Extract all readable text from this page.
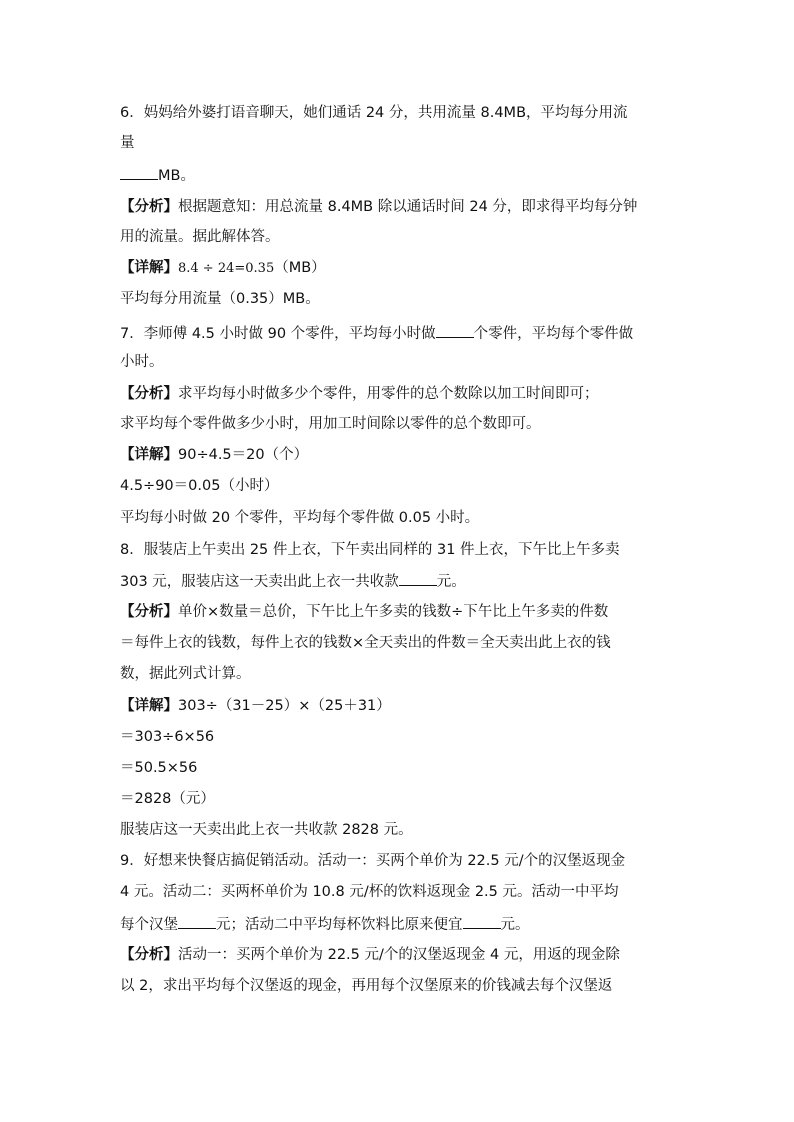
6．妈妈给外婆打语音聊天，她们通话 24 分，共用流量 8.4MB，平均每分用流
量
MB。
【分析】根据题意知：用总流量 8.4MB 除以通话时间 24 分，即求得平均每分钟
用的流量。据此解体答。
【详解】8.4 ÷ 24=0.35（MB）
平均每分用流量（0.35）MB。
7．李师傅 4.5 小时做 90 个零件，平均每小时做	个零件，平均每个零件做
小时。
【分析】求平均每小时做多少个零件，用零件的总个数除以加工时间即可；
求平均每个零件做多少小时，用加工时间除以零件的总个数即可。
【详解】90÷4.5＝20（个）
4.5÷90＝0.05（小时）
平均每小时做 20 个零件，平均每个零件做 0.05 小时。
8．服装店上午卖出 25 件上衣，下午卖出同样的 31 件上衣，下午比上午多卖
303 元，服装店这一天卖出此上衣一共收款	元。
【分析】单价×数量＝总价，下午比上午多卖的钱数÷下午比上午多卖的件数
＝每件上衣的钱数，每件上衣的钱数×全天卖出的件数＝全天卖出此上衣的钱
数，据此列式计算。
【详解】303÷（31－25）×（25＋31）
＝303÷6×56
＝50.5×56
＝2828（元）
服装店这一天卖出此上衣一共收款 2828 元。
9．好想来快餐店搞促销活动。活动一：买两个单价为 22.5 元/个的汉堡返现金
4 元。活动二：买两杯单价为 10.8 元/杯的饮料返现金 2.5 元。活动一中平均
每个汉堡	元；活动二中平均每杯饮料比原来便宜	元。
【分析】活动一：买两个单价为 22.5 元/个的汉堡返现金 4 元，用返的现金除
以 2，求出平均每个汉堡返的现金，再用每个汉堡原来的价钱减去每个汉堡返
